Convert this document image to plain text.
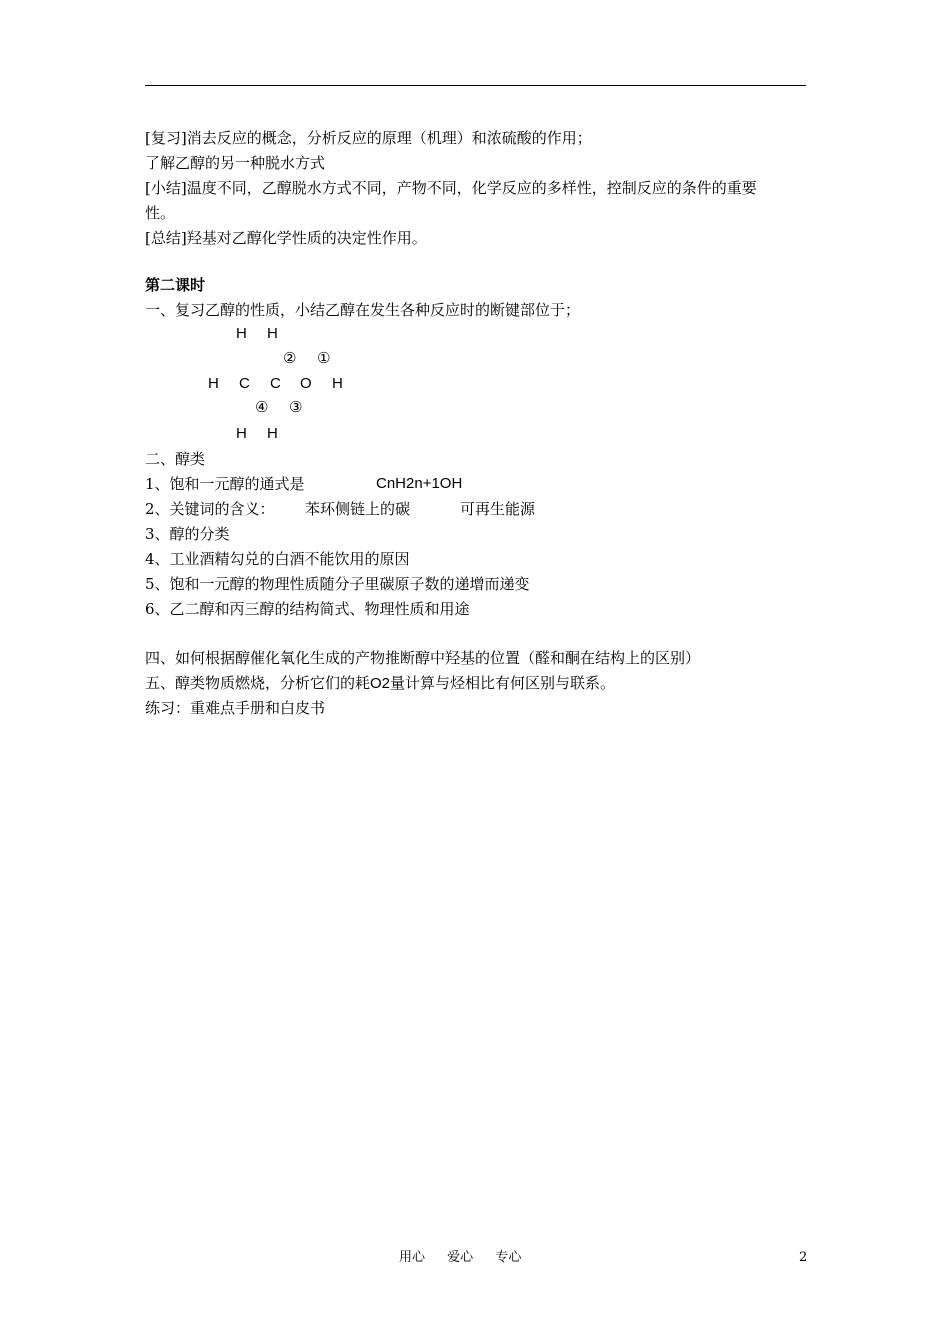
[复习]消去反应的概念，分析反应的原理（机理）和浓硫酸的作用；
了解乙醇的另一种脱水方式
[小结]温度不同，乙醇脱水方式不同，产物不同，化学反应的多样性，控制反应的条件的重要
性。
[总结]羟基对乙醇化学性质的决定性作用。
第二课时
一、复习乙醇的性质，小结乙醇在发生各种反应时的断键部位于；
H H
② ①
H C C O H
④ ③
H H
二、醇类
1、饱和一元醇的通式是	CnH2n+1OH
2、关键词的含义： 苯环侧链上的碳	可再生能源
3、醇的分类
4、工业酒精勾兑的白酒不能饮用的原因
5、饱和一元醇的物理性质随分子里碳原子数的递增而递变
6、乙二醇和丙三醇的结构简式、物理性质和用途
四、如何根据醇催化氧化生成的产物推断醇中羟基的位置（醛和酮在结构上的区别）
五、醇类物质燃烧，分析它们的耗O2量计算与烃相比有何区别与联系。
练习：重难点手册和白皮书
用心 爱心 专心	2
